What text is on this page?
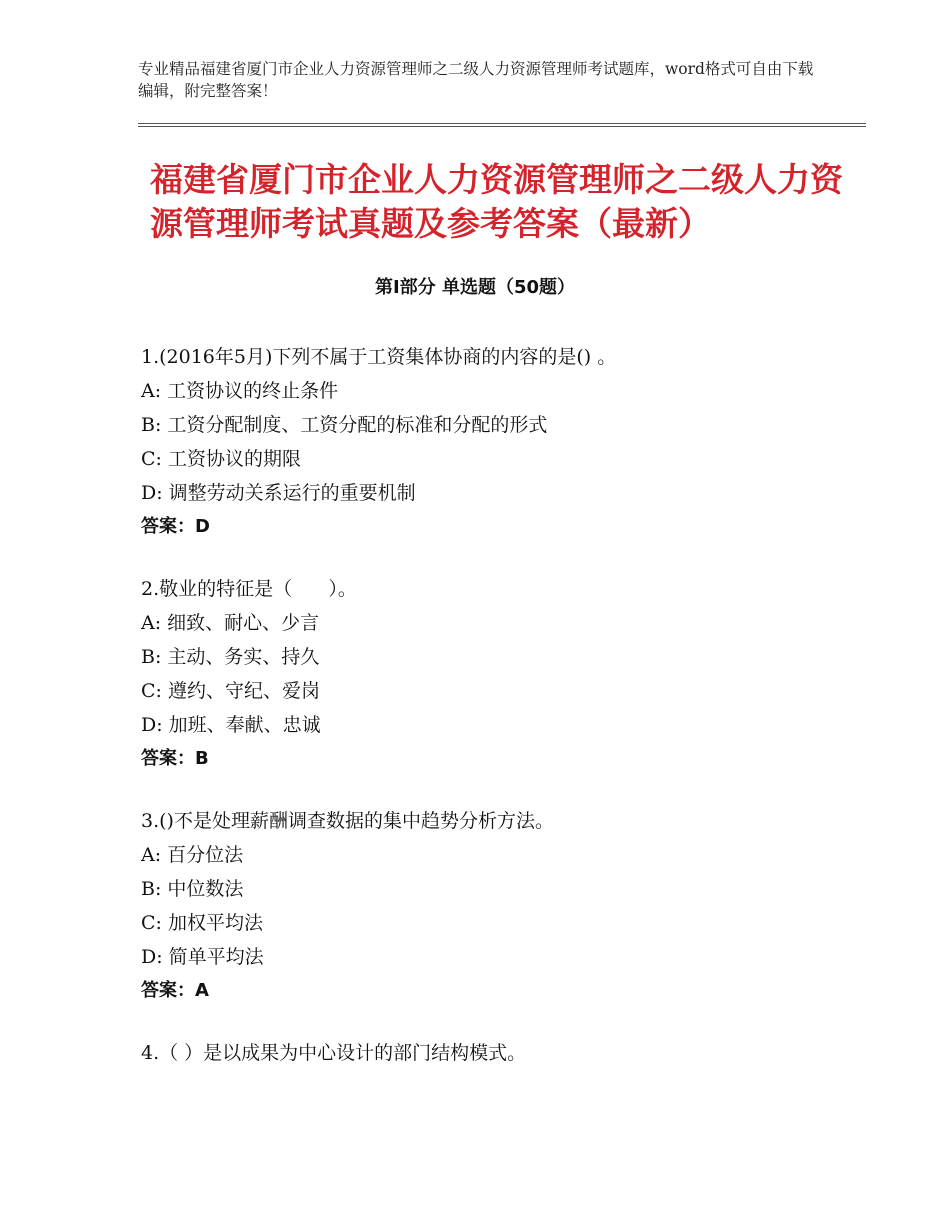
专业精品福建省厦门市企业人力资源管理师之二级人力资源管理师考试题库，word格式可自由下载编辑，附完整答案！
福建省厦门市企业人力资源管理师之二级人力资源管理师考试真题及参考答案（最新）
第Ⅰ部分 单选题（50题）
1.(2016年5月)下列不属于工资集体协商的内容的是() 。
A: 工资协议的终止条件
B: 工资分配制度、工资分配的标准和分配的形式
C: 工资协议的期限
D: 调整劳动关系运行的重要机制
答案：D
2.敬业的特征是（      ）。
A: 细致、耐心、少言
B: 主动、务实、持久
C: 遵约、守纪、爱岗
D: 加班、奉献、忠诚
答案：B
3.()不是处理薪酬调查数据的集中趋势分析方法。
A: 百分位法
B: 中位数法
C: 加权平均法
D: 简单平均法
答案：A
4.（ ）是以成果为中心设计的部门结构模式。
